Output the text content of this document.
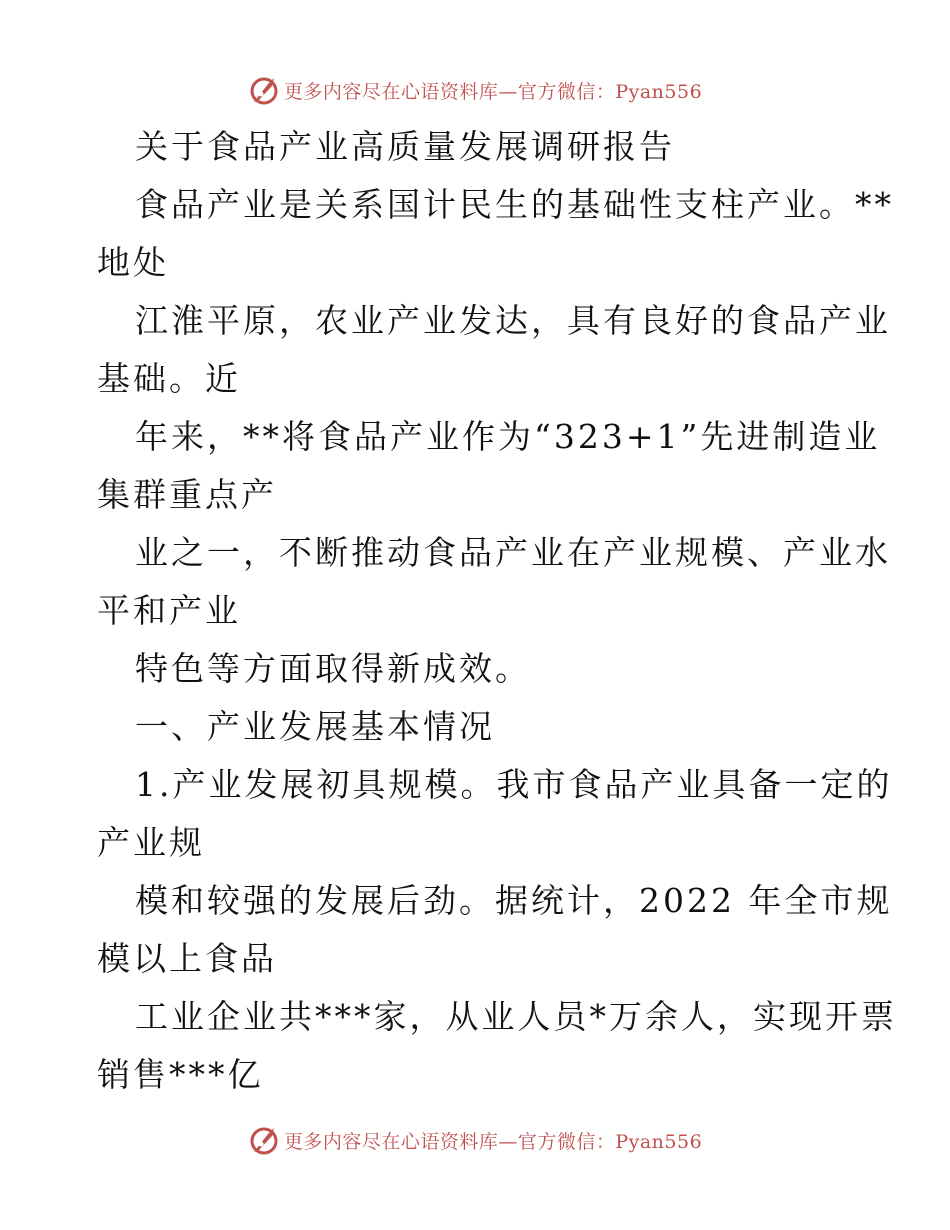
更多内容尽在心语资料库—官方微信：Pyan556
关于食品产业高质量发展调研报告
食品产业是关系国计民生的基础性支柱产业。**
地处
江淮平原，农业产业发达，具有良好的食品产业
基础。近
年来，**将食品产业作为“323+1”先进制造业
集群重点产
业之一，不断推动食品产业在产业规模、产业水
平和产业
特色等方面取得新成效。
一、产业发展基本情况
1.产业发展初具规模。我市食品产业具备一定的
产业规
模和较强的发展后劲。据统计，2022 年全市规
模以上食品
工业企业共***家，从业人员*万余人，实现开票
销售***亿
更多内容尽在心语资料库—官方微信：Pyan556
